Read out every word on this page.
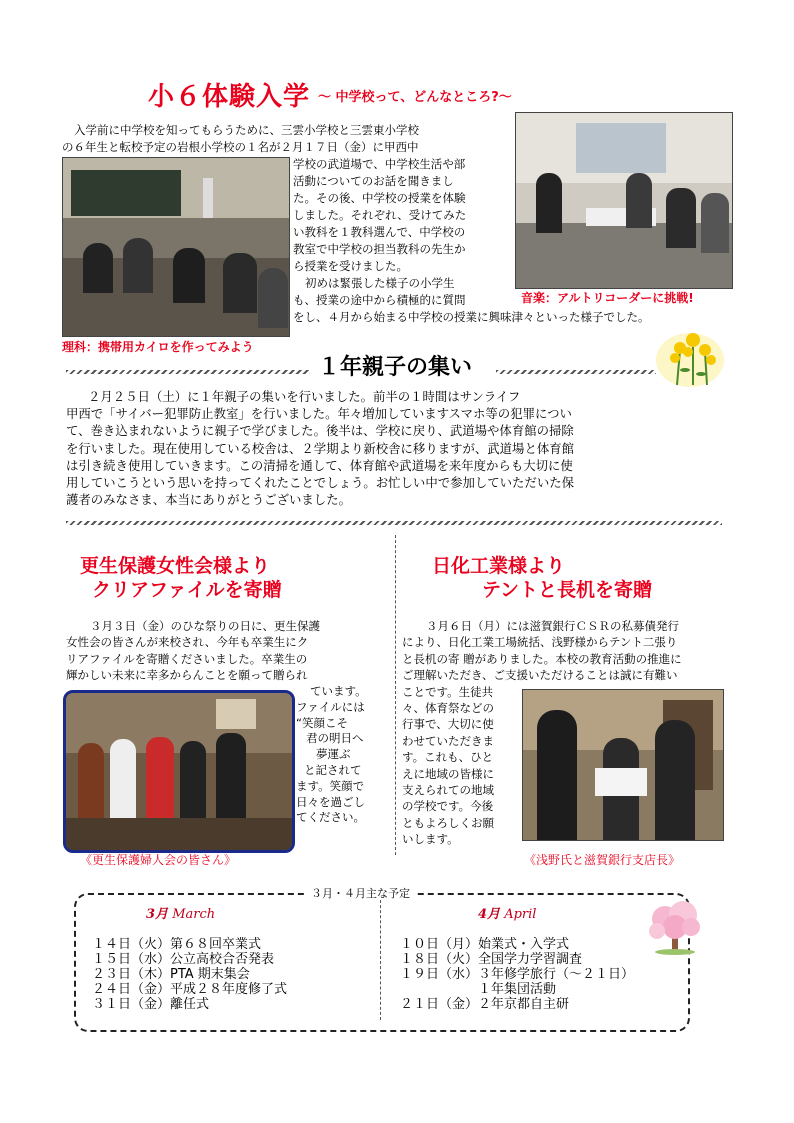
小６体験入学 ～ 中学校って、どんなところ?～
入学前に中学校を知ってもらうために、三雲小学校と三雲東小学校
の６年生と転校予定の岩根小学校の１名が２月１７日（金）に甲西中
学校の武道場で、中学校生活や部
活動についてのお話を聞きまし
た。その後、中学校の授業を体験
しました。それぞれ、受けてみた
い教科を１教科選んで、中学校の
教室で中学校の担当教科の先生か
ら授業を受けました。
初めは緊張した様子の小学生
も、授業の途中から積極的に質問
をし、４月から始まる中学校の授業に興味津々といった様子でした。
理科：携帯用カイロを作ってみよう
音楽：アルトリコーダーに挑戦!
１年親子の集い
２月２５日（土）に１年親子の集いを行いました。前半の１時間はサンライフ
甲西で「サイバー犯罪防止教室」を行いました。年々増加していますスマホ等の犯罪につい
て、巻き込まれないように親子で学びました。後半は、学校に戻り、武道場や体育館の掃除
を行いました。現在使用している校舎は、２学期より新校舎に移りますが、武道場と体育館
は引き続き使用していきます。この清掃を通して、体育館や武道場を来年度からも大切に使
用していこうという思いを持ってくれたことでしょう。お忙しい中で参加していただいた保
護者のみなさま、本当にありがとうございました。
更生保護女性会様より
クリアファイルを寄贈
３月３日（金）のひな祭りの日に、更生保護
女性会の皆さんが来校され、今年も卒業生にク
リアファイルを寄贈くださいました。卒業生の
輝かしい未来に幸多からんことを願って贈られ
ています。
ファイルには
“笑顔こそ
君の明日へ
夢運ぶ
と記されて
ます。笑顔で
日々を過ごし
てください。
《更生保護婦人会の皆さん》
日化工業様より
テントと長机を寄贈
３月６日（月）には滋賀銀行ＣＳＲの私募債発行
により、日化工業工場統括、浅野様からテント二張り
と長机の寄 贈がありました。本校の教育活動の推進に
ご理解いただき、ご支援いただけることは誠に有難い
ことです。生徒共
々、体育祭などの
行事で、大切に使
わせていただきま
す。これも、ひと
えに地域の皆様に
支えられての地域
の学校です。今後
ともよろしくお願
いします。
《浅野氏と滋賀銀行支店長》
３月・４月主な予定
3月 March
１４日（火）第６８回卒業式
１５日（水）公立高校合否発表
２３日（木）PTA 期末集会
２４日（金）平成２８年度修了式
３１日（金）離任式
4月 April
１０日（月）始業式・入学式
１８日（火）全国学力学習調査
１９日（水）３年修学旅行（～２１日）
　　　　　　１年集団活動
２１日（金）２年京都自主研
